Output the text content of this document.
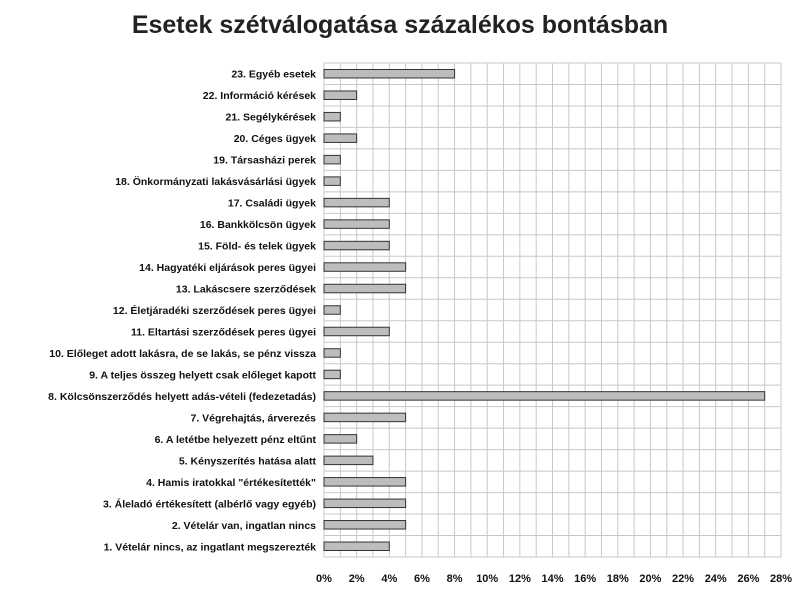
Esetek szétválogatása százalékos bontásban
23. Egyéb esetek
22. Információ kérések
21. Segélykérések
20. Céges ügyek
19. Társasházi perek
18. Önkormányzati lakásvásárlási ügyek
17. Családi ügyek
16. Bankkölcsön ügyek
15. Föld- és telek ügyek
14. Hagyatéki eljárások peres ügyei
13. Lakáscsere szerződések
12. Életjáradéki szerződések peres ügyei
11. Eltartási szerződések peres ügyei
10. Előleget adott lakásra, de se lakás, se pénz vissza
9. A teljes összeg helyett csak előleget kapott
8. Kölcsönszerződés helyett adás-vételi (fedezetadás)
7. Végrehajtás, árverezés
6. A letétbe helyezett pénz eltűnt
5. Kényszerítés hatása alatt
4. Hamis iratokkal "értékesítették"
3. Áleladó értékesített (albérlő vagy egyéb)
2. Vételár van, ingatlan nincs
1. Vételár nincs, az ingatlant megszerezték
0% 2% 4% 6% 8% 10% 12% 14% 16% 18% 20% 22% 24% 26% 28%
